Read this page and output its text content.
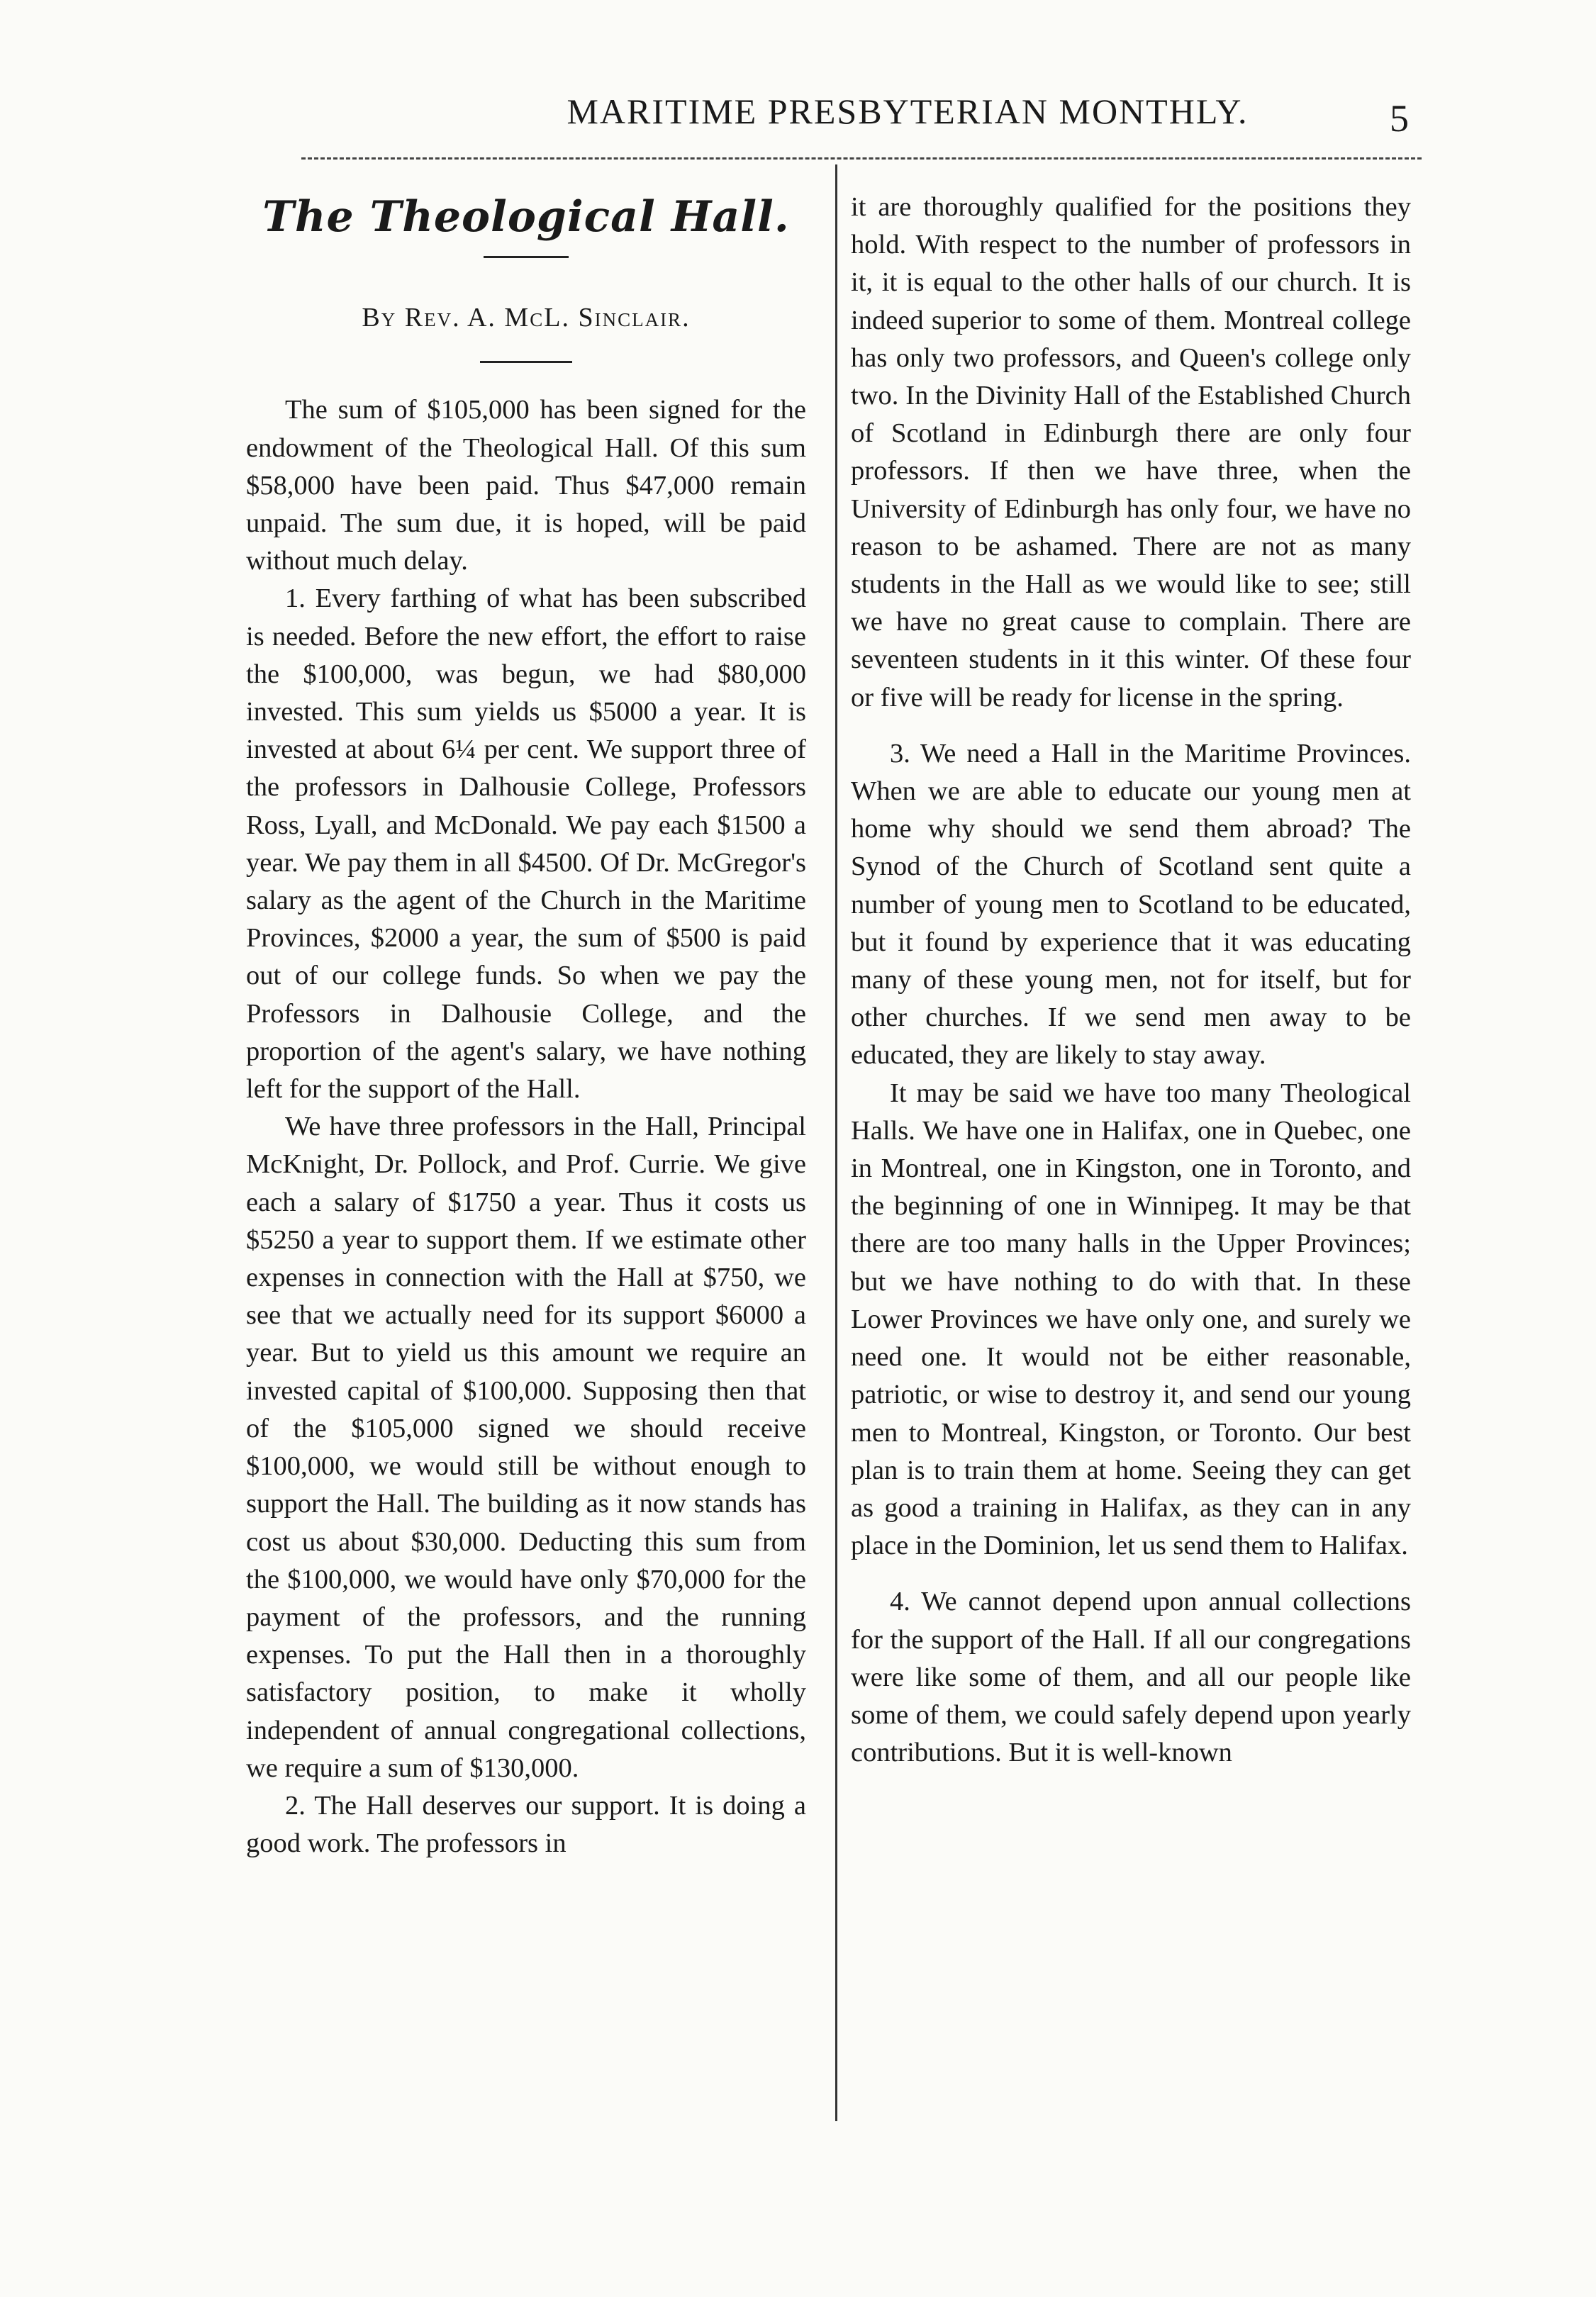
MARITIME PRESBYTERIAN MONTHLY.	5
The Theological Hall.
By Rev. A. McL. Sinclair.

The sum of $105,000 has been signed for the endowment of the Theological Hall. Of this sum $58,000 have been paid. Thus $47,000 remain unpaid. The sum due, it is hoped, will be paid without much delay.

1. Every farthing of what has been subscribed is needed. Before the new effort, the effort to raise the $100,000, was begun, we had $80,000 invested. This sum yields us $5000 a year. It is invested at about 6¼ per cent. We support three of the professors in Dalhousie College, Professors Ross, Lyall, and McDonald. We pay each $1500 a year. We pay them in all $4500. Of Dr. McGregor's salary as the agent of the Church in the Maritime Provinces, $2000 a year, the sum of $500 is paid out of our college funds. So when we pay the Professors in Dalhousie College, and the proportion of the agent's salary, we have nothing left for the support of the Hall.

We have three professors in the Hall, Principal McKnight, Dr. Pollock, and Prof. Currie. We give each a salary of $1750 a year. Thus it costs us $5250 a year to support them. If we estimate other expenses in connection with the Hall at $750, we see that we actually need for its support $6000 a year. But to yield us this amount we require an invested capital of $100,000. Supposing then that of the $105,000 signed we should receive $100,000, we would still be without enough to support the Hall. The building as it now stands has cost us about $30,000. Deducting this sum from the $100,000, we would have only $70,000 for the payment of the professors, and the running expenses. To put the Hall then in a thoroughly satisfactory position, to make it wholly independent of annual congregational collections, we require a sum of $130,000.

2. The Hall deserves our support. It is doing a good work. The professors in

it are thoroughly qualified for the positions they hold. With respect to the number of professors in it, it is equal to the other halls of our church. It is indeed superior to some of them. Montreal college has only two professors, and Queen's college only two. In the Divinity Hall of the Established Church of Scotland in Edinburgh there are only four professors. If then we have three, when the University of Edinburgh has only four, we have no reason to be ashamed. There are not as many students in the Hall as we would like to see; still we have no great cause to complain. There are seventeen students in it this winter. Of these four or five will be ready for license in the spring.

3. We need a Hall in the Maritime Provinces. When we are able to educate our young men at home why should we send them abroad? The Synod of the Church of Scotland sent quite a number of young men to Scotland to be educated, but it found by experience that it was educating many of these young men, not for itself, but for other churches. If we send men away to be educated, they are likely to stay away.

It may be said we have too many Theological Halls. We have one in Halifax, one in Quebec, one in Montreal, one in Kingston, one in Toronto, and the beginning of one in Winnipeg. It may be that there are too many halls in the Upper Provinces; but we have nothing to do with that. In these Lower Provinces we have only one, and surely we need one. It would not be either reasonable, patriotic, or wise to destroy it, and send our young men to Montreal, Kingston, or Toronto. Our best plan is to train them at home. Seeing they can get as good a training in Halifax, as they can in any place in the Dominion, let us send them to Halifax.

4. We cannot depend upon annual collections for the support of the Hall. If all our congregations were like some of them, and all our people like some of them, we could safely depend upon yearly contributions. But it is well-known
